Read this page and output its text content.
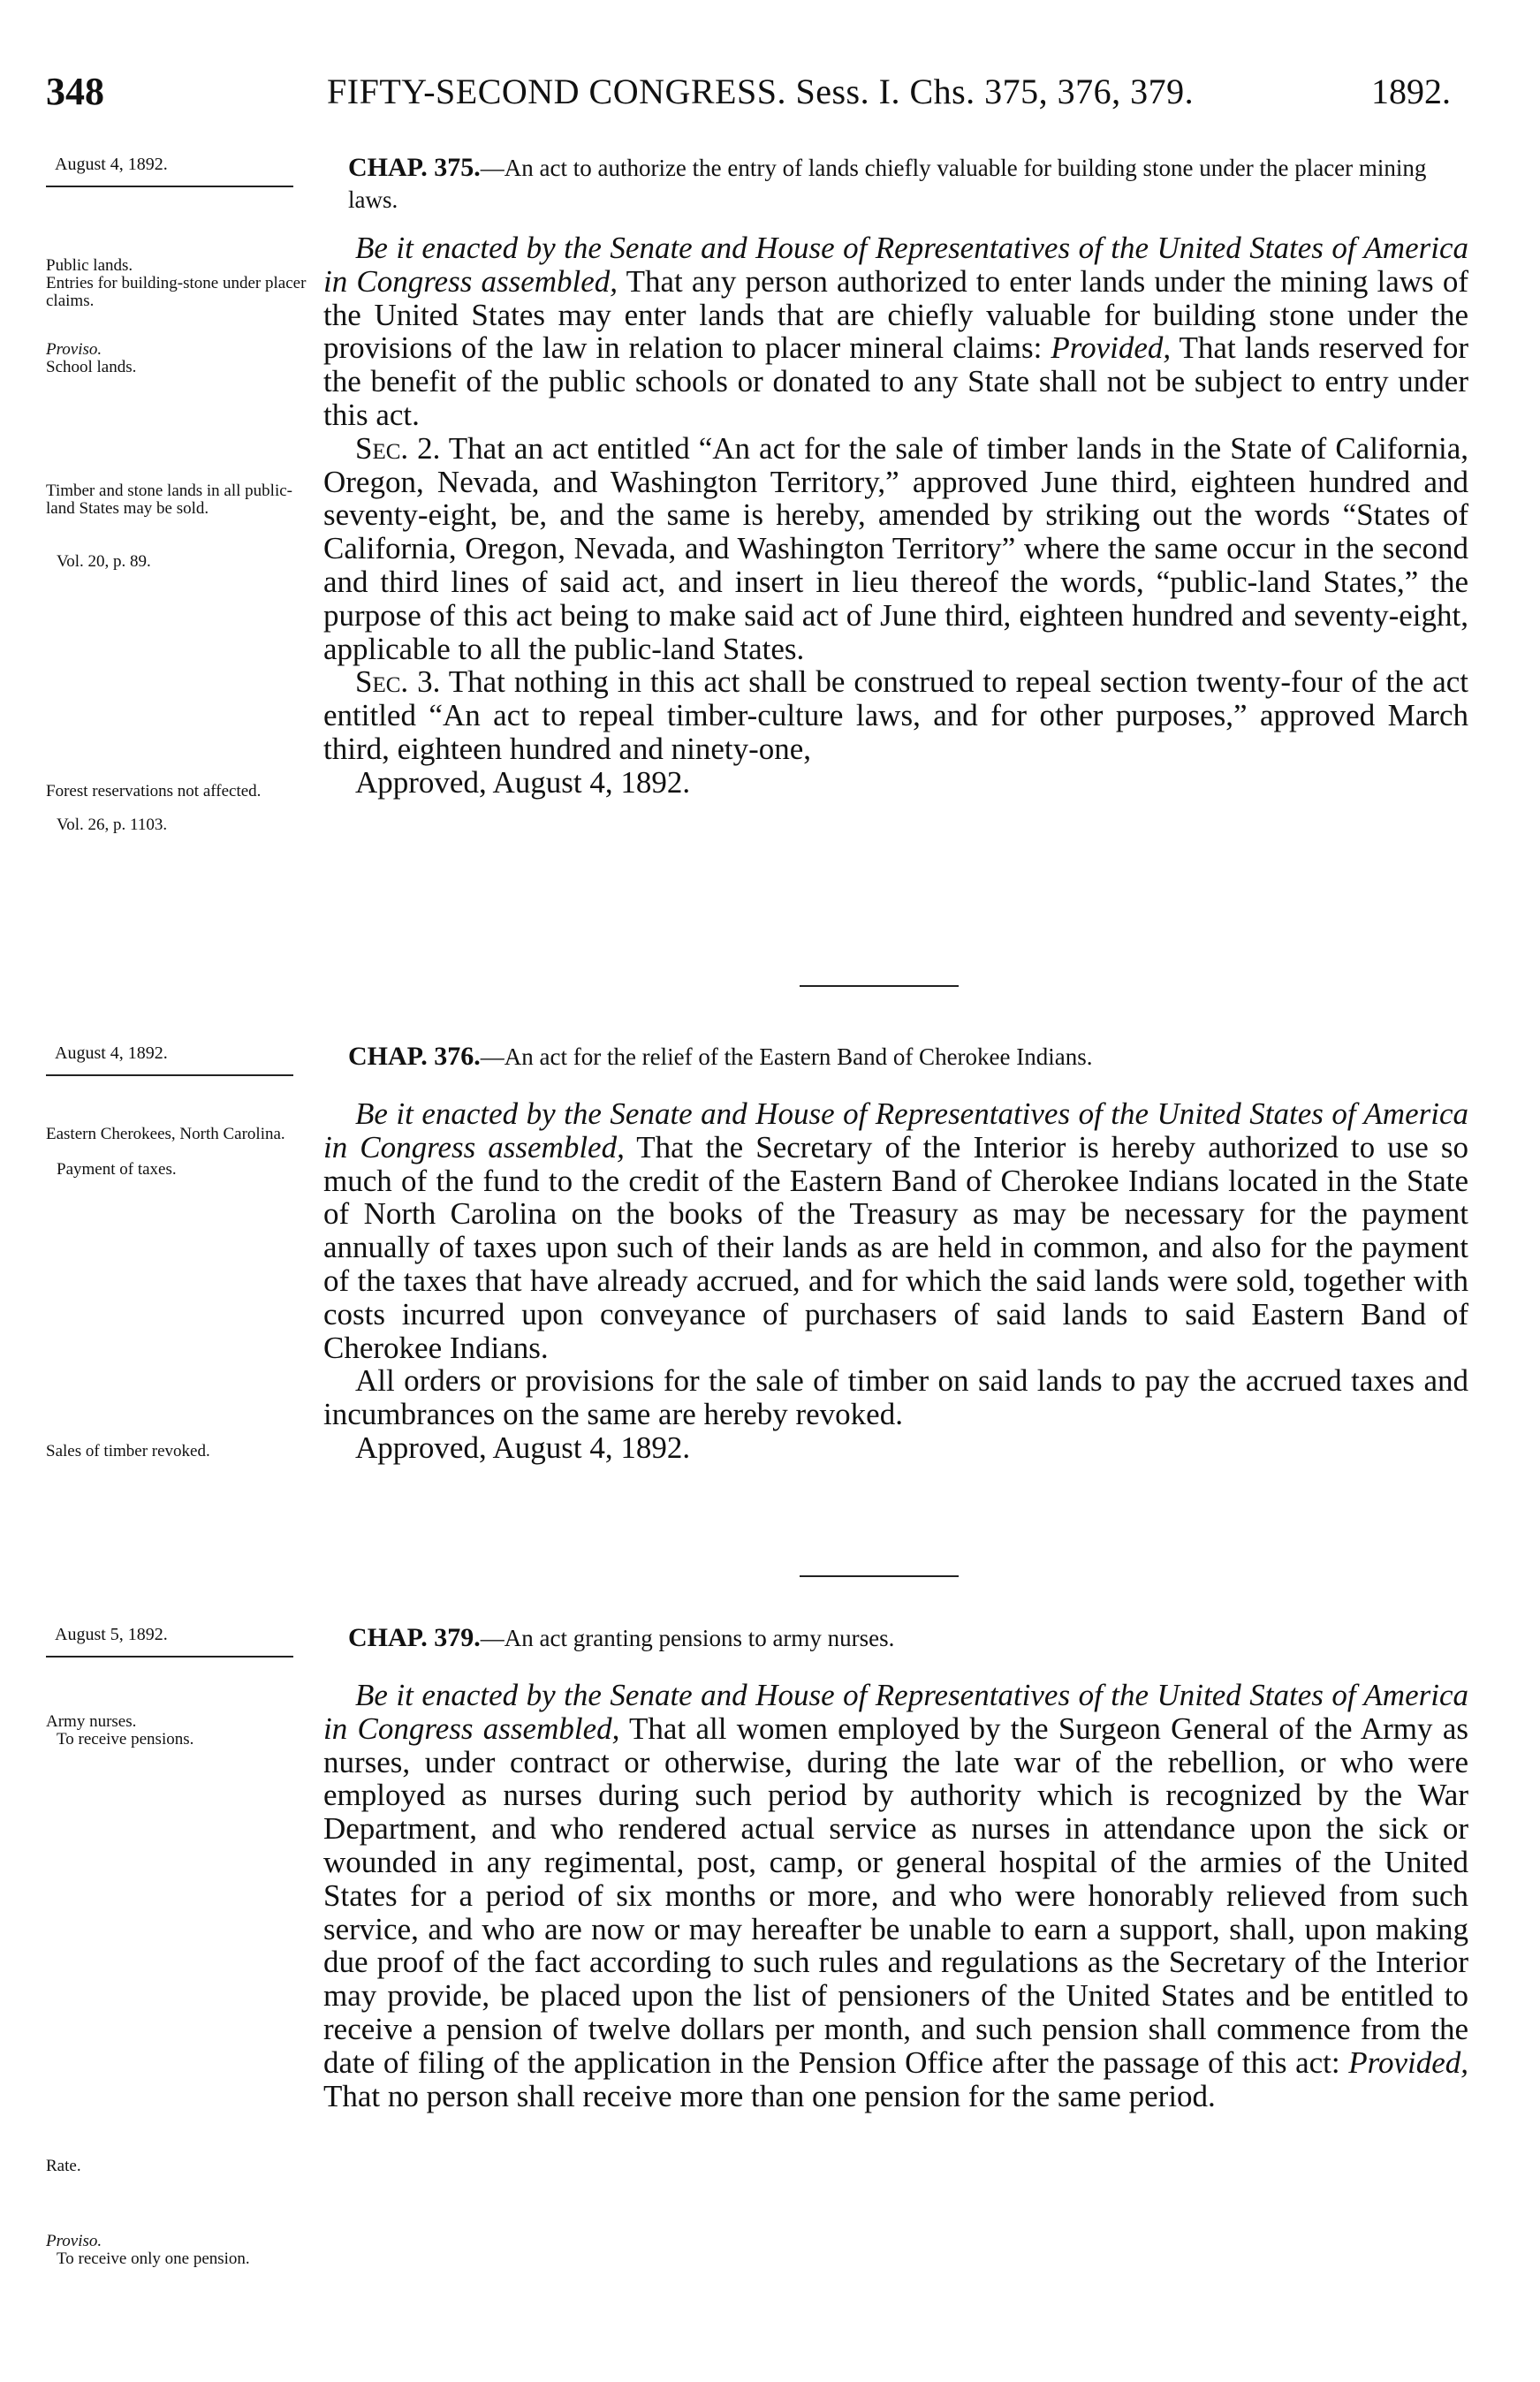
348	FIFTY-SECOND CONGRESS. Sess. I. Chs. 375, 376, 379.	1892.
August 4, 1892.	CHAP. 375.—An act to authorize the entry of lands chiefly valuable for building stone under the placer mining laws.

Be it enacted by the Senate and House of Representatives of the United States of America in Congress assembled, That any person authorized to enter lands under the mining laws of the United States may enter lands that are chiefly valuable for building stone under the provisions of the law in relation to placer mineral claims: Provided, That lands reserved for the benefit of the public schools or donated to any State shall not be subject to entry under this act.

Sec. 2. That an act entitled “An act for the sale of timber lands in the State of California, Oregon, Nevada, and Washington Territory,” approved June third, eighteen hundred and seventy-eight, be, and the same is hereby, amended by striking out the words “States of California, Oregon, Nevada, and Washington Territory” where the same occur in the second and third lines of said act, and insert in lieu thereof the words, “public-land States,” the purpose of this act being to make said act of June third, eighteen hundred and seventy-eight, applicable to all the public-land States.

Sec. 3. That nothing in this act shall be construed to repeal section twenty-four of the act entitled “An act to repeal timber-culture laws, and for other purposes,” approved March third, eighteen hundred and ninety-one,

Approved, August 4, 1892.

Public lands.

Entries for building-stone under placer claims.

Proviso.

School lands.

Timber and stone lands in all public-land States may be sold.

Vol. 20, p. 89.

Forest reservations not affected.

Vol. 26, p. 1103.

August 4, 1892.	CHAP. 376.—An act for the relief of the Eastern Band of Cherokee Indians.

Be it enacted by the Senate and House of Representatives of the United States of America in Congress assembled, That the Secretary of the Interior is hereby authorized to use so much of the fund to the credit of the Eastern Band of Cherokee Indians located in the State of North Carolina on the books of the Treasury as may be necessary for the payment annually of taxes upon such of their lands as are held in common, and also for the payment of the taxes that have already accrued, and for which the said lands were sold, together with costs incurred upon conveyance of purchasers of said lands to said Eastern Band of Cherokee Indians.

All orders or provisions for the sale of timber on said lands to pay the accrued taxes and incumbrances on the same are hereby revoked.

Approved, August 4, 1892.

Eastern Cherokees, North Carolina.

Payment of taxes.

Sales of timber revoked.

August 5, 1892.	CHAP. 379.—An act granting pensions to army nurses.

Be it enacted by the Senate and House of Representatives of the United States of America in Congress assembled, That all women employed by the Surgeon General of the Army as nurses, under contract or otherwise, during the late war of the rebellion, or who were employed as nurses during such period by authority which is recognized by the War Department, and who rendered actual service as nurses in attendance upon the sick or wounded in any regimental, post, camp, or general hospital of the armies of the United States for a period of six months or more, and who were honorably relieved from such service, and who are now or may hereafter be unable to earn a support, shall, upon making due proof of the fact according to such rules and regulations as the Secretary of the Interior may provide, be placed upon the list of pensioners of the United States and be entitled to receive a pension of twelve dollars per month, and such pension shall commence from the date of filing of the application in the Pension Office after the passage of this act: Provided, That no person shall receive more than one pension for the same period.

Army nurses.

To receive pensions.

Rate.

Proviso.

To receive only one pension.
